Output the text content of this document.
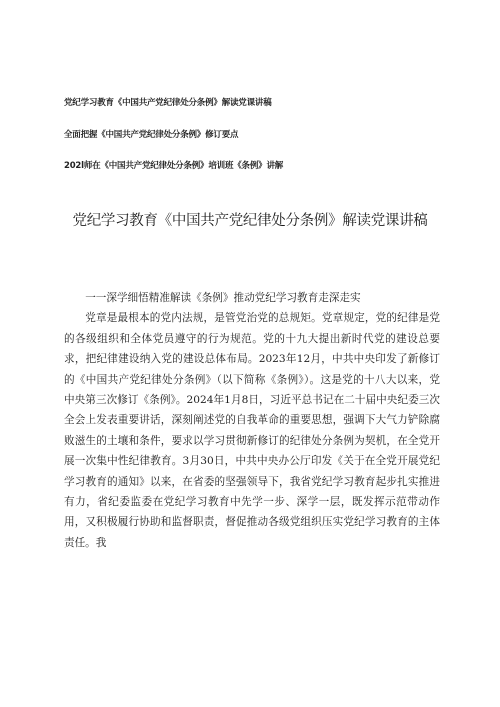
党纪学习教育《中国共产党纪律处分条例》解读党课讲稿
全面把握《中国共产党纪律处分条例》修订要点
202l师在《中国共产党纪律处分条例》培训班《条例》讲解
党纪学习教育《中国共产党纪律处分条例》解读党课讲稿

一一深学细悟精准解读《条例》推动党纪学习教育走深走实

党章是最根本的党内法规，是管党治党的总规矩。党章规定，党的纪律是党的各级组织和全体党员遵守的行为规范。党的十九大提出新时代党的建设总要求，把纪律建设纳入党的建设总体布局。2023年12月，中共中央印发了新修订的《中国共产党纪律处分条例》（以下简称《条例》）。这是党的十八大以来，党中央第三次修订《条例》。2024年1月8日，习近平总书记在二十届中央纪委三次全会上发表重要讲话，深刻阐述党的自我革命的重要思想，强调下大气力铲除腐败滋生的土壤和条件，要求以学习贯彻新修订的纪律处分条例为契机，在全党开展一次集中性纪律教育。3月30日，中共中央办公厅印发《关于在全党开展党纪学习教育的通知》以来，在省委的坚强领导下，我省党纪学习教育起步扎实推进有力，省纪委监委在党纪学习教育中先学一步、深学一层，既发挥示范带动作用，又积极履行协助和监督职责，督促推动各级党组织压实党纪学习教育的主体责任。我
